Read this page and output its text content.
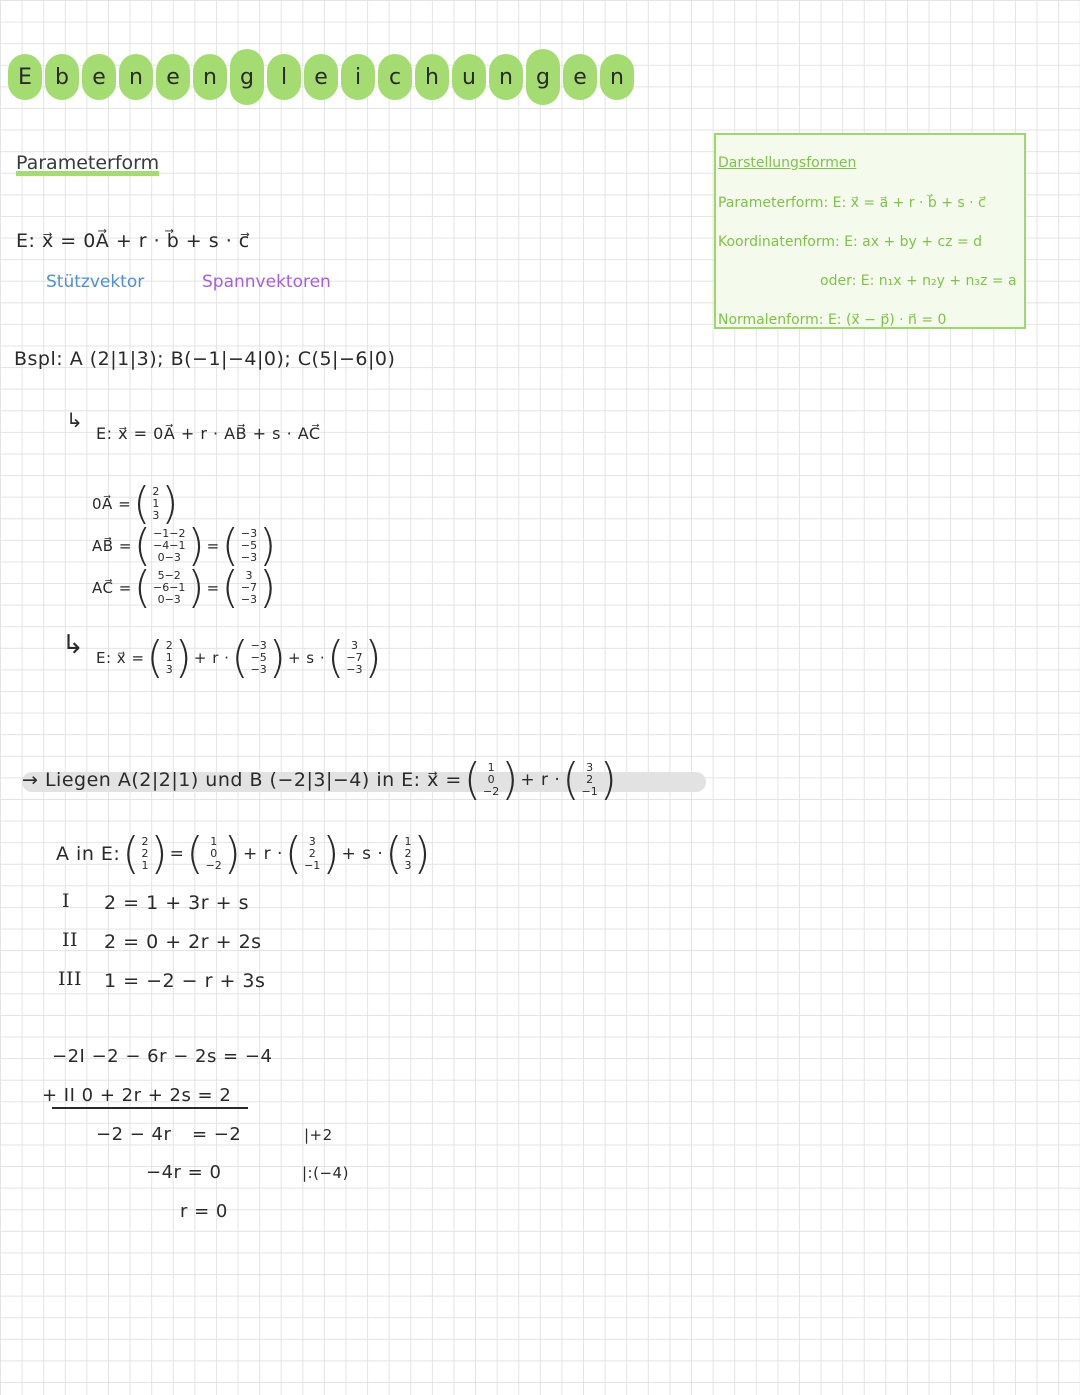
E	b	e	n	e	n	g	l	e	i	c	h	u	n	g	e	n
Parameterform
E: x⃗ = 0A⃗ + r · b⃗ + s · c⃗
Stützvektor	Spannvektoren
Darstellungsformen
Parameterform: E: x⃗ = a⃗ + r · b⃗ + s · c⃗
Koordinatenform: E: ax + by + cz = d
oder: E: n₁x + n₂y + n₃z = a
Normalenform: E: (x⃗ − p⃗) · n⃗ = 0
Bspl: A (2|1|3); B(−1|−4|0); C(5|−6|0)
↳
E: x⃗ = 0A⃗ + r · AB⃗ + s · AC⃗
0A⃗ = ( 2
1
3 )
AB⃗ = ( −1−2
−4−1
0−3 ) = ( −3
−5
−3 )
AC⃗ = ( 5−2
−6−1
0−3 ) = ( 3
−7
−3 )
↳ E: x⃗ = ( 2
1
3 ) + r · ( −3
−5
−3 ) + s · ( 3
−7
−3 )
→ Liegen A(2|2|1) und B (−2|3|−4) in E: x⃗ = ( 1
0
−2 ) + r · ( 3
2
−1 )
A in E: ( 2
2
1 ) = ( 1
0
−2 ) + r · ( 3
2
−1 ) + s · ( 1
2
3 )
I 2 = 1 + 3r + s
II 2 = 0 + 2r + 2s
III 1 = −2 − r + 3s
−2I −2 − 6r − 2s = −4
+ II 0 + 2r + 2s = 2
−2 − 4r = −2	|+2
−4r = 0	|:(−4)
r = 0
